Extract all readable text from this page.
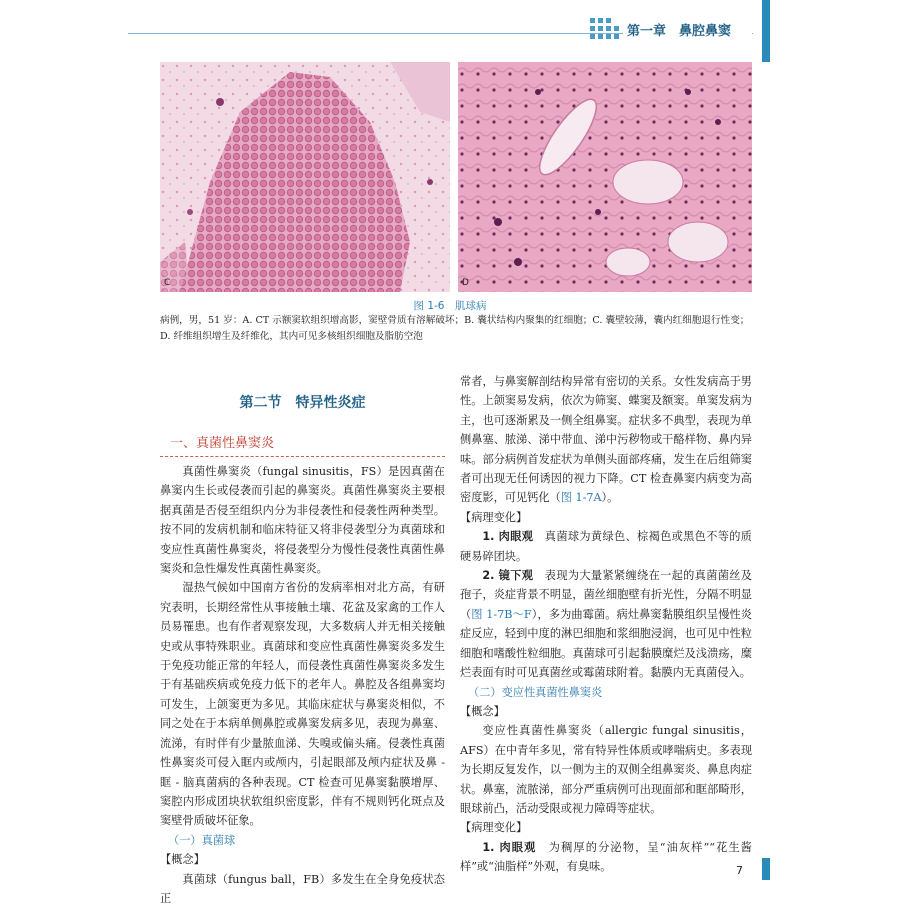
第一章　鼻腔鼻窦
C	D
图 1-6　肌球病
病例，男，51 岁：A. CT 示额窦软组织增高影，窦壁骨质有溶解破坏；B. 囊状结构内聚集的红细胞；C. 囊壁较薄，囊内红细胞退行性变；D. 纤维组织增生及纤维化，其内可见多核组织细胞及脂肪空泡
第二节　特异性炎症
一、真菌性鼻窦炎

真菌性鼻窦炎（fungal sinusitis，FS）是因真菌在鼻窦内生长或侵袭而引起的鼻窦炎。真菌性鼻窦炎主要根据真菌是否侵至组织内分为非侵袭性和侵袭性两种类型。按不同的发病机制和临床特征又将非侵袭型分为真菌球和变应性真菌性鼻窦炎，将侵袭型分为慢性侵袭性真菌性鼻窦炎和急性爆发性真菌性鼻窦炎。

湿热气候如中国南方省份的发病率相对北方高，有研究表明，长期经常性从事接触土壤、花盆及家禽的工作人员易罹患。也有作者观察发现，大多数病人并无相关接触史或从事特殊职业。真菌球和变应性真菌性鼻窦炎多发生于免疫功能正常的年轻人，而侵袭性真菌性鼻窦炎多发生于有基础疾病或免疫力低下的老年人。鼻腔及各组鼻窦均可发生，上颌窦更为多见。其临床症状与鼻窦炎相似，不同之处在于本病单侧鼻腔或鼻窦发病多见，表现为鼻塞、流涕，有时伴有少量脓血涕、失嗅或偏头痛。侵袭性真菌性鼻窦炎可侵入眶内或颅内，引起眼部及颅内症状及鼻 - 眶 - 脑真菌病的各种表现。CT 检查可见鼻窦黏膜增厚、窦腔内形成团块状软组织密度影，伴有不规则钙化斑点及窦壁骨质破坏征象。

（一）真菌球

【概念】

真菌球（fungus ball，FB）多发生在全身免疫状态正

常者，与鼻窦解剖结构异常有密切的关系。女性发病高于男性。上颌窦易发病，依次为筛窦、蝶窦及额窦。单窦发病为主，也可逐渐累及一侧全组鼻窦。症状多不典型，表现为单侧鼻塞、脓涕、涕中带血、涕中污秽物或干酪样物、鼻内异味。部分病例首发症状为单侧头面部疼痛，发生在后组筛窦者可出现无任何诱因的视力下降。CT 检查鼻窦内病变为高密度影，可见钙化（图 1-7A）。

【病理变化】

1. 肉眼观　真菌球为黄绿色、棕褐色或黑色不等的质硬易碎团块。

2. 镜下观　表现为大量紧紧缠绕在一起的真菌菌丝及孢子，炎症背景不明显，菌丝细胞壁有折光性，分隔不明显（图 1-7B～F），多为曲霉菌。病灶鼻窦黏膜组织呈慢性炎症反应，轻到中度的淋巴细胞和浆细胞浸润，也可见中性粒细胞和嗜酸性粒细胞。真菌球可引起黏膜糜烂及浅溃疡，糜烂表面有时可见真菌丝或霉菌球附着。黏膜内无真菌侵入。

（二）变应性真菌性鼻窦炎

【概念】

变应性真菌性鼻窦炎（allergic fungal sinusitis，AFS）在中青年多见，常有特异性体质或哮喘病史。多表现为长期反复发作，以一侧为主的双侧全组鼻窦炎、鼻息肉症状。鼻塞，流脓涕，部分严重病例可出现面部和眶部畸形，眼球前凸，活动受限或视力障碍等症状。

【病理变化】

1. 肉眼观　为稠厚的分泌物，呈“油灰样”“花生酱样”或“油脂样”外观，有臭味。	7
